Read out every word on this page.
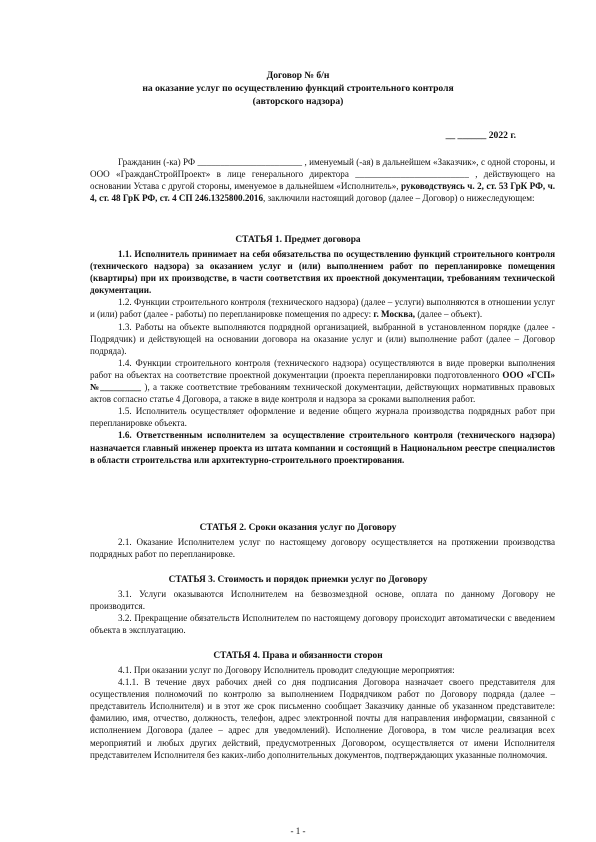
Договор № б/н
на оказание услуг по осуществлению функций строительного контроля
(авторского надзора)
__ ______ 2022 г.

Гражданин (-ка) РФ _______________________ , именуемый (-ая) в дальнейшем «Заказчик», с одной стороны, и ООО «ГражданСтройПроект» в лице генерального директора _________________________ , действующего на основании Устава с другой стороны, именуемое в дальнейшем «Исполнитель», руководствуясь ч. 2, ст. 53 ГрК РФ, ч. 4, ст. 48 ГрК РФ, ст. 4 СП 246.1325800.2016, заключили настоящий договор (далее – Договор) о нижеследующем:

СТАТЬЯ 1. Предмет договора

1.1. Исполнитель принимает на себя обязательства по осуществлению функций строительного контроля (технического надзора) за оказанием услуг и (или) выполнением работ по перепланировке помещения (квартиры) при их производстве, в части соответствия их проектной документации, требованиям технической документации.

1.2. Функции строительного контроля (технического надзора) (далее – услуги) выполняются в отношении услуг и (или) работ (далее - работы) по перепланировке помещения по адресу: г. Москва, (далее – объект).

1.3. Работы на объекте выполняются подрядной организацией, выбранной в установленном порядке (далее - Подрядчик) и действующей на основании договора на оказание услуг и (или) выполнение работ (далее – Договор подряда).

1.4. Функции строительного контроля (технического надзора) осуществляются в виде проверки выполнения работ на объектах на соответствие проектной документации (проекта перепланировки подготовленного ООО «ГСП» №_________ ), а также соответствие требованиям технической документации, действующих нормативных правовых актов согласно статье 4 Договора, а также в виде контроля и надзора за сроками выполнения работ.

1.5. Исполнитель осуществляет оформление и ведение общего журнала производства подрядных работ при перепланировке объекта.

1.6. Ответственным исполнителем за осуществление строительного контроля (технического надзора) назначается главный инженер проекта из штата компании и состоящий в Национальном реестре специалистов в области строительства или архитектурно-строительного проектирования.

СТАТЬЯ 2. Сроки оказания услуг по Договору

2.1. Оказание Исполнителем услуг по настоящему договору осуществляется на протяжении производства подрядных работ по перепланировке.

СТАТЬЯ 3. Стоимость и порядок приемки услуг по Договору

3.1. Услуги оказываются Исполнителем на безвозмездной основе, оплата по данному Договору не производится.

3.2. Прекращение обязательств Исполнителем по настоящему договору происходит автоматически с введением объекта в эксплуатацию.

СТАТЬЯ 4. Права и обязанности сторон

4.1. При оказании услуг по Договору Исполнитель проводит следующие мероприятия:

4.1.1. В течение двух рабочих дней со дня подписания Договора назначает своего представителя для осуществления полномочий по контролю за выполнением Подрядчиком работ по Договору подряда (далее – представитель Исполнителя) и в этот же срок письменно сообщает Заказчику данные об указанном представителе: фамилию, имя, отчество, должность, телефон, адрес электронной почты для направления информации, связанной с исполнением Договора (далее – адрес для уведомлений). Исполнение Договора, в том числе реализация всех мероприятий и любых других действий, предусмотренных Договором, осуществляется от имени Исполнителя представителем Исполнителя без каких-либо дополнительных документов, подтверждающих указанные полномочия.

- 1 -
